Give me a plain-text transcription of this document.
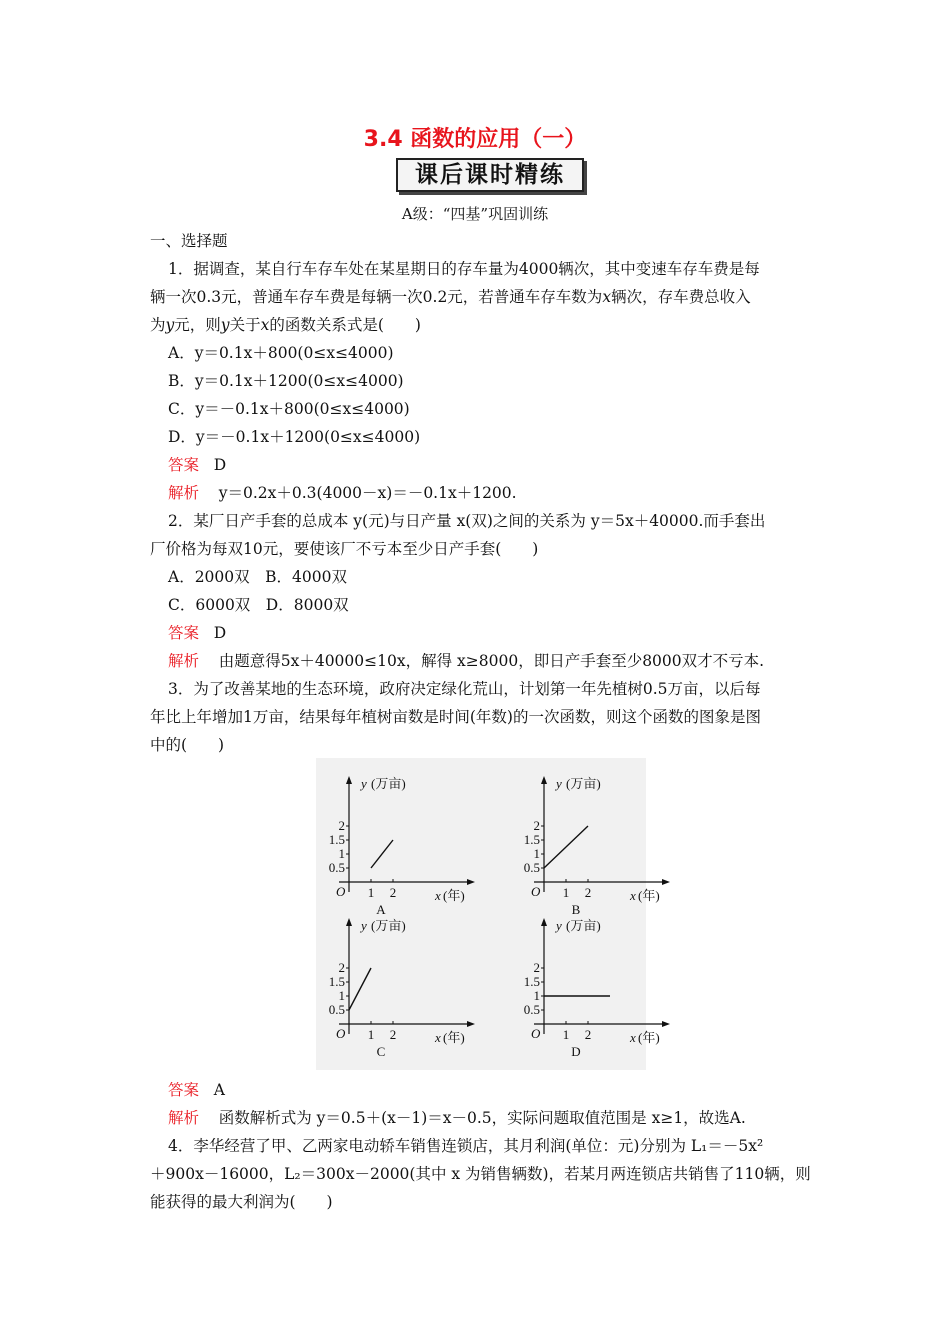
3.4 函数的应用（一）
课后课时精练
A级：“四基”巩固训练
一、选择题
1．据调查，某自行车存车处在某星期日的存车量为4000辆次，其中变速车存车费是每
辆一次0.3元，普通车存车费是每辆一次0.2元，若普通车存车数为x辆次，存车费总收入
为y元，则y关于x的函数关系式是(　　)
A．y＝0.1x＋800(0≤x≤4000)
B．y＝0.1x＋1200(0≤x≤4000)
C．y＝－0.1x＋800(0≤x≤4000)
D．y＝－0.1x＋1200(0≤x≤4000)
答案 D
解析 y＝0.2x＋0.3(4000－x)＝－0.1x＋1200.
2．某厂日产手套的总成本 y(元)与日产量 x(双)之间的关系为 y＝5x＋40000.而手套出
厂价格为每双10元，要使该厂不亏本至少日产手套(　　)
A．2000双　B．4000双
C．6000双　D．8000双
答案 D
解析 由题意得5x＋40000≤10x，解得 x≥8000，即日产手套至少8000双才不亏本.
3．为了改善某地的生态环境，政府决定绿化荒山，计划第一年先植树0.5万亩，以后每
年比上年增加1万亩，结果每年植树亩数是时间(年数)的一次函数，则这个函数的图象是图
中的(　　)
y (万亩)
x (年)
O
0.5
1
1.5
2
1 2
A
y (万亩)
x (年)
O
0.5
1
1.5
2
1 2
B
y (万亩)
x (年)
O
0.5
1
1.5
2
1 2
C
y (万亩)
x (年)
O
0.5
1
1.5
2
1 2
D
答案 A
解析 函数解析式为 y＝0.5＋(x－1)＝x－0.5，实际问题取值范围是 x≥1，故选A.
4．李华经营了甲、乙两家电动轿车销售连锁店，其月利润(单位：元)分别为 L₁＝－5x²
＋900x－16000，L₂＝300x－2000(其中 x 为销售辆数)，若某月两连锁店共销售了110辆，则
能获得的最大利润为(　　)
